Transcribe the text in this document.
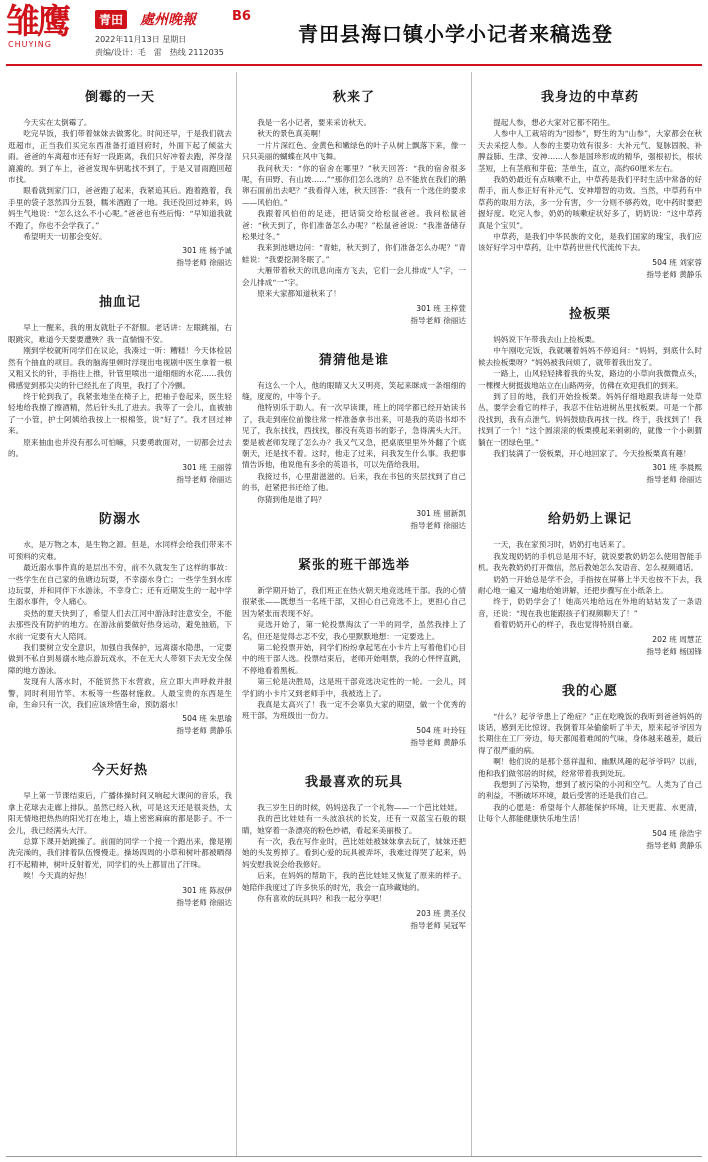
雏鹰
CHUYING
青田 處州晚報	B6
2022年11月13日 星期日
责编/设计：毛　雷　热线 2112035
青田县海口镇小学小记者来稿选登
倒霉的一天

今天实在太倒霉了。

吃完早饭，我们带着妹妹去做雾化。时间还早，于是我们就去逛超市，正当我们买完东西准备打道回府时，外面下起了倾盆大雨。爸爸的车离超市还有好一段距离，我们只好冲着去跑，浑身湿漉漉的。到了车上，爸爸发现车钥匙找不到了，于是又冒雨跑回超市找。

眼看就到家门口，爸爸跑了起来，我紧追其后。跑着跑着，我手里的袋子忽然四分五裂，糯米酒跑了一地。我还没回过神来，妈妈生气地说：“怎么这么不小心呢。”爸爸也有些后悔：“早知道我就不跑了，你也不会学我了。”

希望明天一切都会变好。

301 班 杨予诚
指导老师 徐丽达
抽血记

早上一醒来，我的朋友就肚子不舒服。老话讲：左眼跳福，右眼跳灾，难道今天要要遭殃？我一直惴惴不安。

刚到学校就听同学们在议论，我凑过一听：糟糕！今天体检居然有个抽血的项目。我的脑海里顿时浮现出电视剧中医生拿着一根又粗又长的针，手指往上推，针管里喷出一道细细的水花……我仿佛感觉到那尖尖的针已经扎在了肉里，我打了个冷颤。

终于轮到我了，我紧张地坐在椅子上，把袖子卷起来，医生轻轻地给我擦了擦酒精，然后针头扎了进去。我等了一会儿，血被抽了一小管，护士阿姨给我按上一根棉签，说“好了”。我才回过神来。

原来抽血也并没有那么可怕嘛，只要勇敢面对，一切都会过去的。

301 班 王丽蓉
指导老师 徐丽达
防溺水

水，是万物之本，是生物之源。但是，水同样会给我们带来不可预料的灾难。

最近溺水事件真的是层出不穷，前不久就发生了这样的事故：一些学生在自己家的鱼塘边玩耍，不幸溺水身亡；一些学生到水库边玩耍，并和同伴下水游泳，不幸身亡；还有近期发生的一起中学生溺水事件，令人痛心。

炎热的夏天快到了，希望人们去江河中游泳时注意安全，不能去那些没有防护的地方。在游泳前要做好热身运动，避免抽筋，下水前一定要有大人陪同。

我们要树立安全意识，加强自我保护，远离溺水隐患，一定要做到不私自到易溺水地点游玩戏水，不在无大人带领下去无安全保障的地方游泳。

发现有人落水时，不能贸然下水营救，应立即大声呼救并报警，同时利用竹竿、木板等一些器材施救。人最宝贵的东西是生命，生命只有一次，我们应该珍惜生命，预防溺水！

504 班 朱思瑜
指导老师 黄静乐
今天好热

早上第一节课结束后，广播体操时间又响起大课间的音乐，我拿上花球去走廊上排队。虽然已经入秋，可是这天还是很炎热，太阳无情地把热热的阳光打在地上，墙上密密麻麻的都是影子。不一会儿，我已经满头大汗。

总算下课开始跳操了。前面的同学一个接一个跑出来，像是刚洗完澡的，我们排着队伍慢慢走。操场四周的小草和树叶都被晒得打不起精神，树叶反射着光，同学们的头上都冒出了汗珠。

唉！今天真的好热！

301 班 陈叔伊
指导老师 徐丽达
秋来了

我是一名小记者，要来采访秋天。

秋天的景色真美啊！

一片片深红色、金黄色和嫩绿色的叶子从树上飘落下来，像一只只美丽的蝴蝶在风中飞舞。

我问秋天：“你的宿舍在哪里？”秋天回答：“我的宿舍很多呢，有田野、有山坡……”“那你们怎么选的？总不能放在我们的鹅卵石面前出去吧？”我看得入迷，秋天回答：“我有一个选住的要求——风伯伯。”

我跟着风伯伯的足迹，把话筒交给松鼠爸爸。我问松鼠爸爸：“秋天到了，你们准备怎么办呢？”松鼠爸爸说：“我准备储存松果过冬。”

我来到池塘边问：“青蛙，秋天到了，你们准备怎么办呢？”青蛙说：“我要挖洞冬眠了。”

大雁带着秋天的讯息向南方飞去，它们一会儿排成“人”字，一会儿排成“一”字。

原来大家都知道秋来了！

301 班 王梓萱
指导老师 徐丽达
猜猜他是谁

有这么一个人，他的眼睛又大又明亮，笑起来眯成一条细细的缝，度度的，中等个子。

他特别乐于助人。有一次早读课，班上的同学都已经开始读书了，我走到座位前像往常一样准备拿书出来，可是我的英语书却不见了，我东找找，西找找，都没有英语书的影子，急得满头大汗。要是被老师发现了怎么办？我又气又急，把桌底里里外外翻了个底朝天，还是找不着。这时，他走了过来，问我发生什么事。我把事情告诉他，他说他有多余的英语书，可以先借给我用。

我接过书，心里甜滋滋的。后来，我在书包的夹层找到了自己的书，赶紧把书还给了他。

你猜到他是谁了吗？

301 班 留新凯
指导老师 徐丽达
紧张的班干部选举

新学期开始了，我们班正在热火朝天地竞选班干部。我的心情很紧张——既想当一名班干部，又担心自己竞选不上，更担心自己因为紧张而表现不好。

竞选开始了，第一轮投票淘汰了一半的同学，虽然我排上了名，但还是觉得忐忑不安，我心里默默地想：一定要选上。

第二轮投票开始，同学们纷纷拿起笔在小卡片上写着他们心目中的班干部人选。投票结束后，老师开始唱票，我的心怦怦直跳，不停地看着黑板。

第三轮是决胜局，这是班干部竞选决定性的一轮。一会儿，同学们的小卡片又到老师手中，我被选上了。

我真是太高兴了！我一定不会辜负大家的期望，做一个优秀的班干部，为班级出一份力。

504 班 叶玲钰
指导老师 黄静乐
我最喜欢的玩具

我三岁生日的时候，妈妈送我了一个礼物——一个芭比娃娃。

我的芭比娃娃有一头波浪状的长发，还有一双蓝宝石般的眼睛，她穿着一条漂亮的粉色纱裙，看起来美丽极了。

有一次，我在写作业时，芭比娃娃被妹妹拿去玩了，妹妹还把她的头发剪掉了。看到心爱的玩具被弄坏，我难过得哭了起来，妈妈安慰我说会给我修好。

后来，在妈妈的帮助下，我的芭比娃娃又恢复了原来的样子。她陪伴我度过了许多快乐的时光，我会一直珍藏她的。

你有喜欢的玩具吗？和我一起分享吧！

203 班 黄圣仪
指导老师 吴冠军
我身边的中草药

提起人参，想必大家对它都不陌生。

人参中人工栽培的为“园参”，野生的为“山参”，大家都会在秋天去采挖人参。人参的主要功效有很多：大补元气、复脉固脱、补脾益肺、生津、安神……人参是国珍形成的精华，强根初长，根状茎短，上有茎痕和芽苞；茎单生，直立，高约60厘米左右。

我奶奶最近有点咳嗽不止，中草药是我们平时生活中常备的好帮手，而人参正好有补元气、安神增智的功效。当然，中草药有中草药的取用方法，多一分有害，少一分则不够药效，吃中药时要把握好度。吃完人参，奶奶的咳嗽症状好多了，奶奶说：“这中草药真是个宝贝”。

中草药，是我们中华民族的文化，是我们国家的瑰宝，我们应该好好学习中草药，让中草药世世代代流传下去。

504 班 刘家蓉
指导老师 黄静乐
捡板栗

妈妈说下午带我去山上捡板栗。

中午刚吃完饭，我就嚷着妈妈不停追问：“妈妈，到底什么时候去捡板栗呀？”妈妈被我问烦了，就带着我出发了。

一路上，山风轻轻拂着我的头发，路边的小草向我微微点头，一棵棵大树挺拔地站立在山路两旁，仿佛在欢迎我们的到来。

到了目的地，我们开始捡板栗。妈妈仔细地跟我讲每一处草丛，要学会看它的样子，我忍不住钻进树丛里找板栗。可是一个都没找到，我有点泄气。妈妈鼓励我再找一找。终于，我找到了！我找到了一个！“这个圆滚滚的板栗摸起来刺刺的，就像一个小刺猬躺在一团绿色里。”

我们装满了一袋板栗，开心地回家了。今天捡板栗真有趣！

301 班 李晨熙
指导老师 徐丽达
给奶奶上课记

一天，我在家预习时，奶奶打电话来了。

我发现奶奶的手机总是用不好，就说要教奶奶怎么使用智能手机。我先教奶奶打开微信，然后教她怎么发语音、怎么视频通话。

奶奶一开始总是学不会，手指按在屏幕上半天也按不下去，我耐心地一遍又一遍地给她讲解，还把步骤写在小纸条上。

终于，奶奶学会了！她高兴地给远在外地的姑姑发了一条语音，还说：“现在我也能跟孩子们视频聊天了！”

看着奶奶开心的样子，我也觉得特别自豪。

202 班 周慧芷
指导老师 杨国锋
我的心愿

“什么？起爷爷患上了绝症？”正在吃晚饭的我听到爸爸妈妈的谈话，感到无比惊讶。我倒着耳朵偷偷听了半天，原来起爷爷因为长期住在工厂旁边，每天都闻着难闻的气味，身体越来越差，最后得了很严重的病。

啊！他们说的是那个慈祥温和、幽默风趣的起爷爷吗？以前，他和我们做邻居的时候，经常带着我到处玩。

我想到了污染物，想到了被污染的小河和空气。人类为了自己的利益，不断破坏环境，最后受害的还是我们自己。

我的心愿是：希望每个人都能保护环境，让天更蓝、水更清，让每个人都能健康快乐地生活！

504 班 徐浩宇
指导老师 黄静乐
